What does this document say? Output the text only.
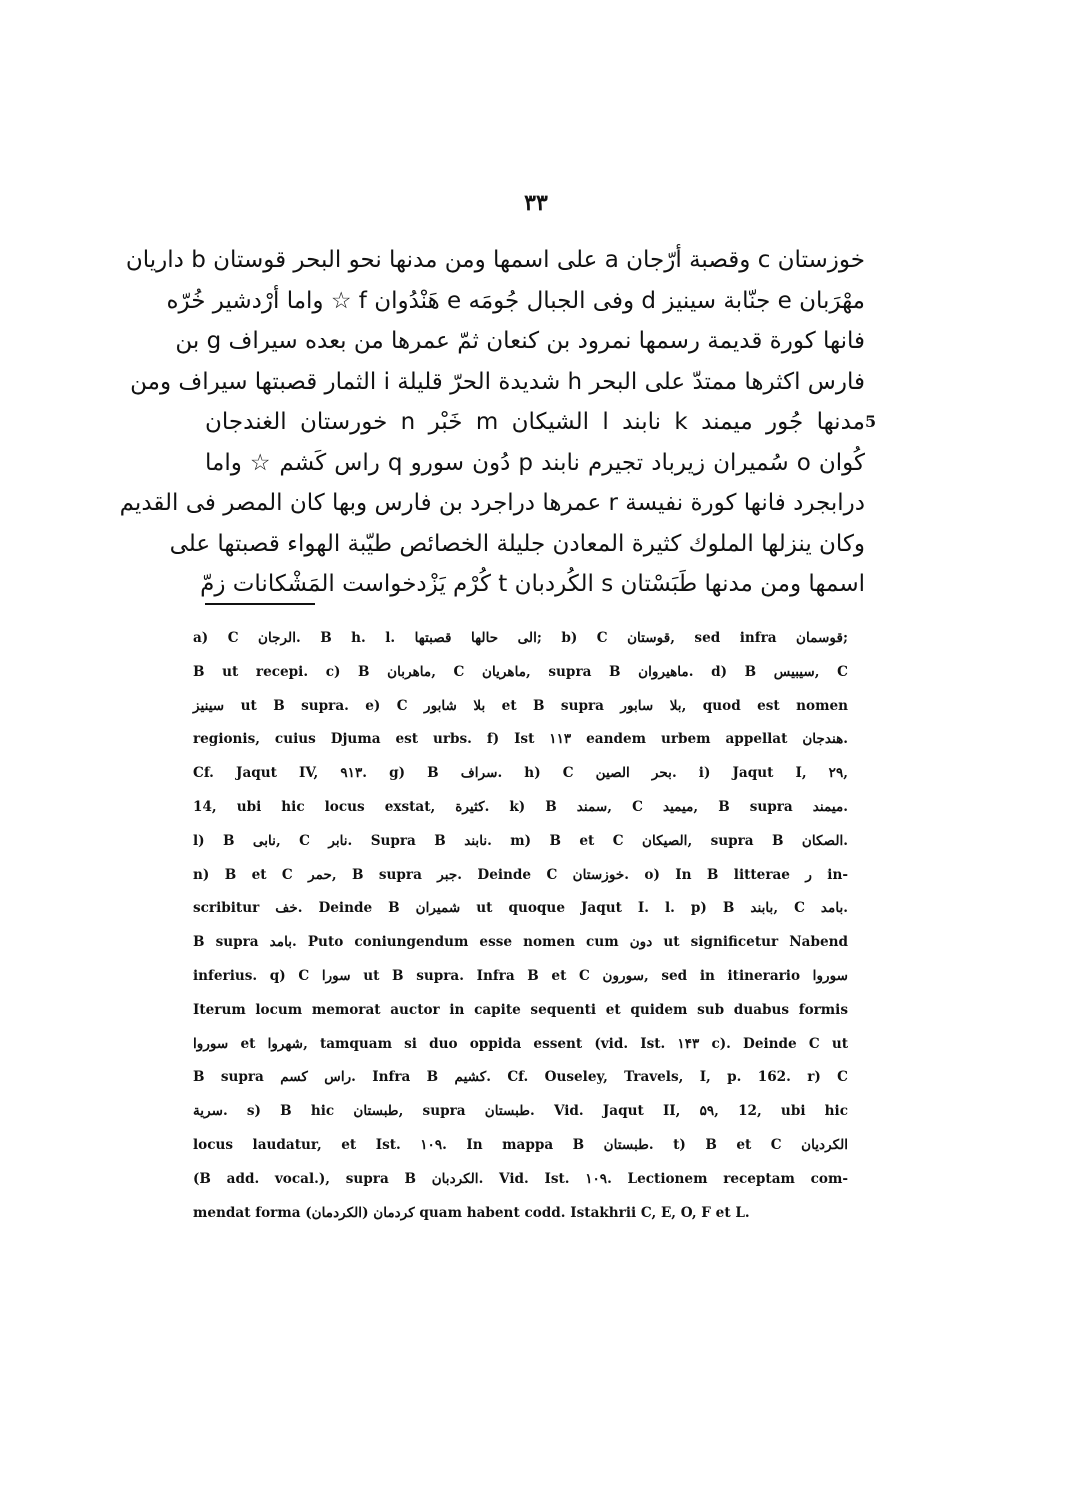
۳۳
خوزستان c وقصبة أرّجان a على اسمها ومن مدنها نحو البحر قوستان b داريان
مهْرَبان e جنّابة سينيز d وفى الجبال جُومَه e هَنْدُوان f ☆ واما أرْدشير خُرّه
فانها كورة قديمة رسمها نمرود بن كنعان ثمّ عمرها من بعده سيراف g بن
فارس اكثرها ممتدّ على البحر h شديدة الحرّ قليلة i الثمار قصبتها سيراف ومن
مدنها جُور ميمند k نابند l الشيكان m خَبْر n خورستان الغندجان
كُوان o سُميران زيرباد تجيرم نابند p دُون سورو q راس كَشم ☆ واما
درابجرد فانها كورة نفيسة r عمرها دراجرد بن فارس وبها كان المصر فى القديم
وكان ينزلها الملوك كثيرة المعادن جليلة الخصائص طيّبة الهواء قصبتها على
اسمها ومن مدنها طَبَسْتان s الكُردبان t كُرْم يَزْدخواست المَشْكانات زمّ
5
a) C الرجان. B h. l. الى حالها قصبتها; b) C قوستان, sed infra قوسمان;
B ut recepi. c) B ماهربان, C ماهريان, supra B ماهيروان. d) B سيبيس, C
سينيز ut B supra. e) C بلا شابور et B supra بلا سابور, quod est nomen
regionis, cuius Djuma est urbs. f) Ist ۱۱۳ eandem urbem appellat هندجان.
Cf. Jaqut IV, ۹۱۳. g) B سراف. h) C بحر الصين. i) Jaqut I, ۲۹,
14, ubi hic locus exstat, كثيرة. k) B سمند, C ميميد, B supra ميمند.
l) B نابى, C نابر. Supra B نابند. m) B et C الصيكان, supra B الصكان.
n) B et C حمر, B supra جبر. Deinde C خوزستان. o) In B litterae ر in-
scribitur خف. Deinde B شميران ut quoque Jaqut I. l. p) B بابند, C بامد.
B supra بامد. Puto coniungendum esse nomen cum دون ut significetur Nabend
inferius. q) C سورا ut B supra. Infra B et C سورون, sed in itinerario سوروا
Iterum locum memorat auctor in capite sequenti et quidem sub duabus formis
سوروا et شهروا, tamquam si duo oppida essent (vid. Ist. ۱۴۳ c). Deinde C ut
B supra راس كسم. Infra B كشيم. Cf. Ouseley, Travels, I, p. 162. r) C
سرية. s) B hic طبستان, supra طبستان. Vid. Jaqut II, ۵۹, 12, ubi hic
locus laudatur, et Ist. ۱۰۹. In mappa B طبستان. t) B et C الكرديان
(B add. vocal.), supra B الكردبان. Vid. Ist. ۱۰۹. Lectionem receptam com-
mendat forma كردمان (الكردمان) quam habent codd. Istakhrii C, E, O, F et L.
